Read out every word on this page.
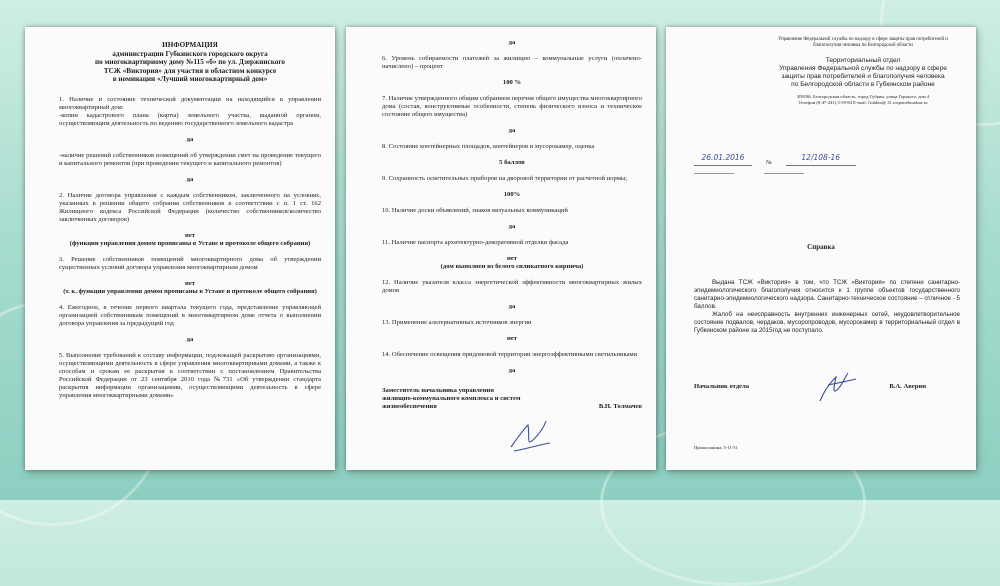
ИНФОРМАЦИЯ
администрации Губкинского городского округа
по многоквартирному дому №115 «б» по ул. Дзержинского
ТСЖ «Виктория» для участия в областном конкурсе
в номинации «Лучший многоквартирный дом»

1. Наличие и состояние технической документации на находящийся в управлении многоквартирный дом:

-копии кадастрового плана (карты) земельного участка, выданной органом, осуществляющим деятельность по ведению государственного земельного кадастра

да

-наличие решений собственников помещений об утверждении смет на проведение текущего и капитального ремонтов (при проведении текущего и капитального ремонтов)

да

2. Наличие договора управления с каждым собственником, заключенного на условиях, указанных в решении общего собрания собственников в соответствии с п. 1 ст. 162 Жилищного кодекса Российской Федерации (количество собственников/количество заключенных договоров)

нет
(функции управления домом прописаны в Уставе и протоколе общего собрания)

3. Решение собственников помещений многоквартирного дома об утверждении существенных условий договора управления многоквартирным домом

нет
(т. к. функции управления домом прописаны в Уставе и протоколе общего собрания)

4. Ежегодное, в течение первого квартала текущего года, представление управляющей организацией собственникам помещений в многоквартирном доме отчета о выполнении договора управления за предыдущий год

да

5. Выполнение требований к составу информации, подлежащей раскрытию организациями, осуществляющими деятельность в сфере управления многоквартирными домами, а также к способам и срокам ее раскрытия в соответствии с постановлением Правительства Российской Федерации от 23 сентября 2010 года №731 «Об утверждении стандарта раскрытия информации организациями, осуществляющими деятельность в сфере управления многоквартирными домами»

да

6. Уровень собираемости платежей за жилищно – коммунальные услуги (оплачено-начислено) – процент

100 %

7. Наличие утвержденного общим собранием перечня общего имущества многоквартирного дома (состав, конструктивные особенности, степень физического износа и техническое состояние общего имущества)

да

8. Состояние контейнерных площадок, контейнеров и мусорокамер, оценка

5 баллов

9. Сохранность осветительных приборов на дворовой территории от расчетной нормы;

100%

10. Наличие доски объявлений, знаков визуальных коммуникаций

да

11. Наличие паспорта архитектурно-декоративной отделки фасада

нет
(дом выполнен из белого силикатного кирпича)

12. Наличие указателя класса энергетической эффективности многоквартирных жилых домов

да

13. Применение альтернативных источников энергии

нет

14. Обеспечение освещения придомовой территории энергоэффективными светильниками

да
Заместитель начальника управления жилищно-коммунального комплекса и систем жизнеобеспечения	В.Н. Толмачев
Управление Федеральной службы по надзору в сфере защиты прав потребителей и благополучия человека по Белгородской области
Территориальный отдел
Управления Федеральной службы по надзору в сфере
защиты прав потребителей и благополучия человека
по Белгородской области в Губкинском районе
309186, Белгородская область, город Губкин, улица Горького, дом 4
Телефон (8-47-241) 5-59-84 E-mail: Gubkin@ 31.rospotrebnadzor.ru
26.01.2016
№
12/108-16
Справка

Выдана ТСЖ «Виктория» в том, что ТСЖ «Виктория» по степени санитарно-эпидемиологического благополучия относится к 1 группе объектов государственного санитарно-эпидемиологического надзора. Санитарно-техническое состояние – отличное - 5 баллов.

Жалоб на неисправность внутренних инженерных сетей, неудовлетворительное состояние подвалов, чердаков, мусоропроводов, мусорокамер в территориальный отдел в Губкинском районе за 2015год не поступало.

Начальник отдела	В.А. Аверин
Проколошина, 5-11-51
